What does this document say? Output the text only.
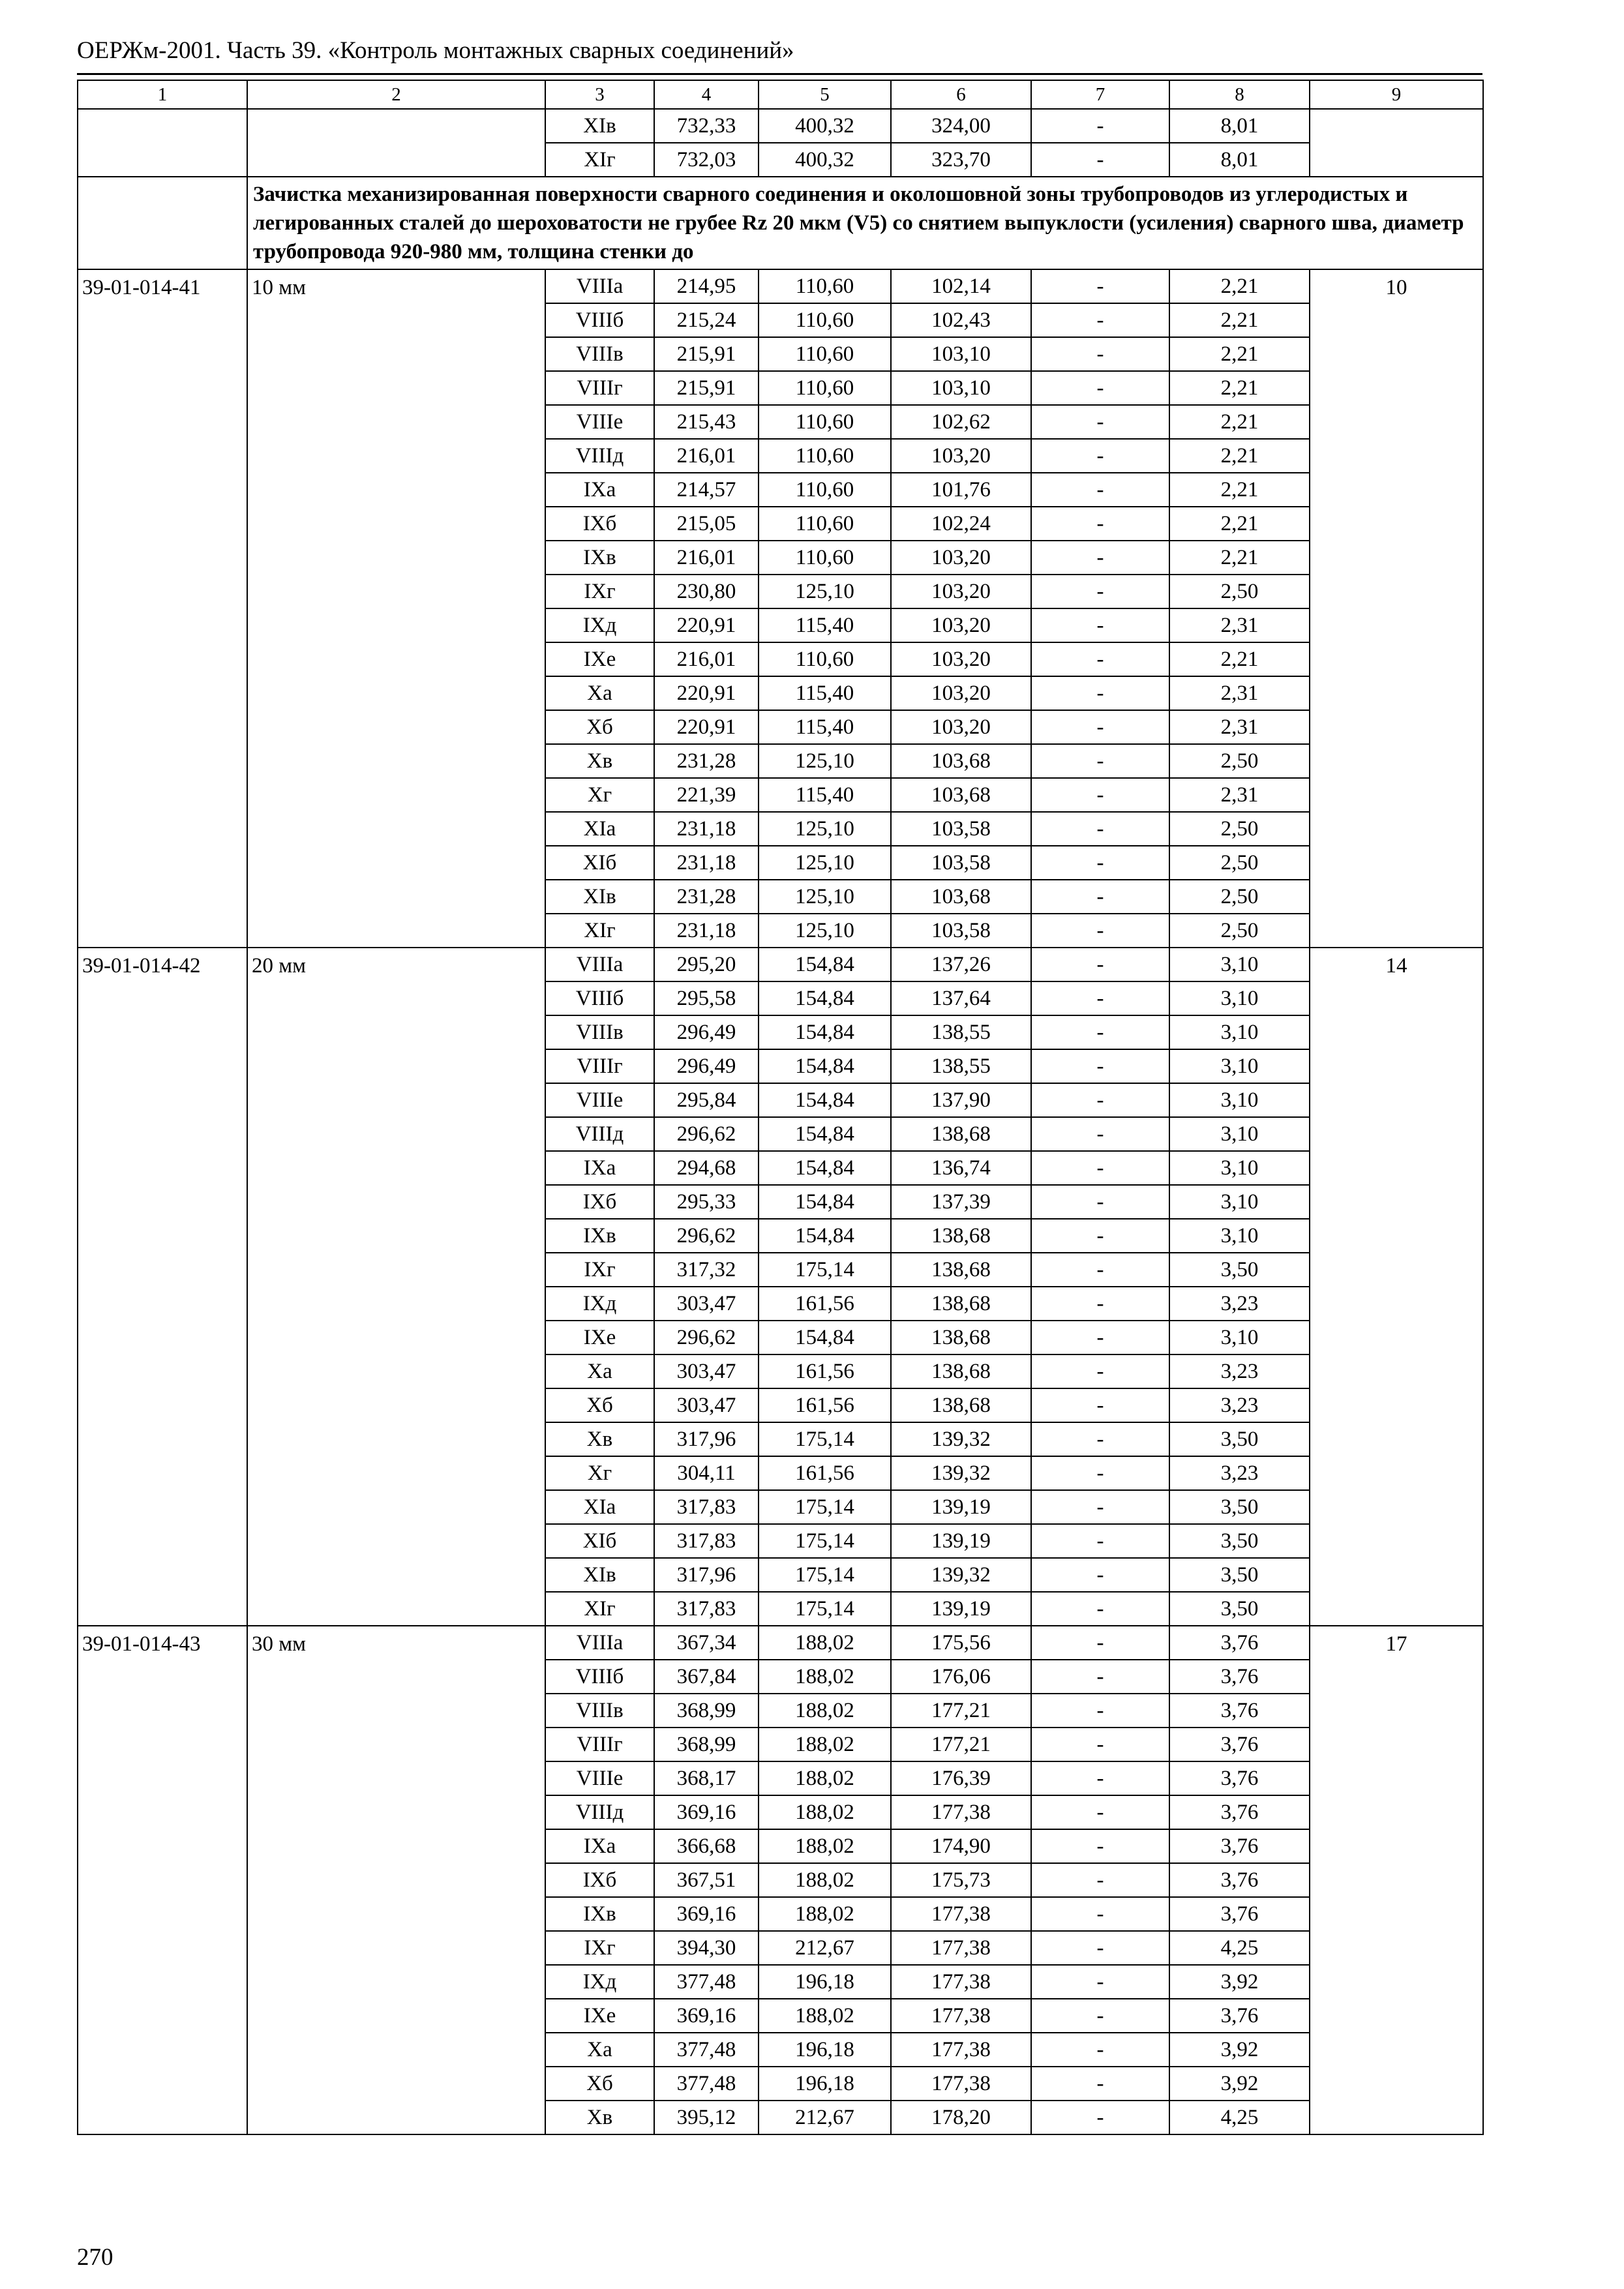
ОЕРЖм-2001. Часть 39. «Контроль монтажных сварных соединений»
1	2	3	4	5	6	7	8	9
		XIв	732,33	400,32	324,00	-	8,01	
		XIг	732,03	400,32	323,70	-	8,01	
	Зачистка механизированная поверхности сварного соединения и околошовной зоны трубопроводов из углеродистых и легированных сталей до шероховатости не грубее Rz 20 мкм (V5) со снятием выпуклости (усиления) сварного шва, диаметр трубопровода 920-980 мм, толщина стенки до							
39-01-014-41	10 мм	VIIIа	214,95	110,60	102,14	-	2,21	10
		VIIIб	215,24	110,60	102,43	-	2,21	
		VIIIв	215,91	110,60	103,10	-	2,21	
		VIIIг	215,91	110,60	103,10	-	2,21	
		VIIIе	215,43	110,60	102,62	-	2,21	
		VIIIд	216,01	110,60	103,20	-	2,21	
		IXа	214,57	110,60	101,76	-	2,21	
		IXб	215,05	110,60	102,24	-	2,21	
		IXв	216,01	110,60	103,20	-	2,21	
		IXг	230,80	125,10	103,20	-	2,50	
		IXд	220,91	115,40	103,20	-	2,31	
		IXе	216,01	110,60	103,20	-	2,21	
		Xа	220,91	115,40	103,20	-	2,31	
		Xб	220,91	115,40	103,20	-	2,31	
		Xв	231,28	125,10	103,68	-	2,50	
		Xг	221,39	115,40	103,68	-	2,31	
		XIа	231,18	125,10	103,58	-	2,50	
		XIб	231,18	125,10	103,58	-	2,50	
		XIв	231,28	125,10	103,68	-	2,50	
		XIг	231,18	125,10	103,58	-	2,50	
39-01-014-42	20 мм	VIIIа	295,20	154,84	137,26	-	3,10	14
		VIIIб	295,58	154,84	137,64	-	3,10	
		VIIIв	296,49	154,84	138,55	-	3,10	
		VIIIг	296,49	154,84	138,55	-	3,10	
		VIIIе	295,84	154,84	137,90	-	3,10	
		VIIIд	296,62	154,84	138,68	-	3,10	
		IXа	294,68	154,84	136,74	-	3,10	
		IXб	295,33	154,84	137,39	-	3,10	
		IXв	296,62	154,84	138,68	-	3,10	
		IXг	317,32	175,14	138,68	-	3,50	
		IXд	303,47	161,56	138,68	-	3,23	
		IXе	296,62	154,84	138,68	-	3,10	
		Xа	303,47	161,56	138,68	-	3,23	
		Xб	303,47	161,56	138,68	-	3,23	
		Xв	317,96	175,14	139,32	-	3,50	
		Xг	304,11	161,56	139,32	-	3,23	
		XIа	317,83	175,14	139,19	-	3,50	
		XIб	317,83	175,14	139,19	-	3,50	
		XIв	317,96	175,14	139,32	-	3,50	
		XIг	317,83	175,14	139,19	-	3,50	
39-01-014-43	30 мм	VIIIа	367,34	188,02	175,56	-	3,76	17
		VIIIб	367,84	188,02	176,06	-	3,76	
		VIIIв	368,99	188,02	177,21	-	3,76	
		VIIIг	368,99	188,02	177,21	-	3,76	
		VIIIе	368,17	188,02	176,39	-	3,76	
		VIIIд	369,16	188,02	177,38	-	3,76	
		IXа	366,68	188,02	174,90	-	3,76	
		IXб	367,51	188,02	175,73	-	3,76	
		IXв	369,16	188,02	177,38	-	3,76	
		IXг	394,30	212,67	177,38	-	4,25	
		IXд	377,48	196,18	177,38	-	3,92	
		IXе	369,16	188,02	177,38	-	3,76	
		Xа	377,48	196,18	177,38	-	3,92	
		Xб	377,48	196,18	177,38	-	3,92	
		Xв	395,12	212,67	178,20	-	4,25	
270
